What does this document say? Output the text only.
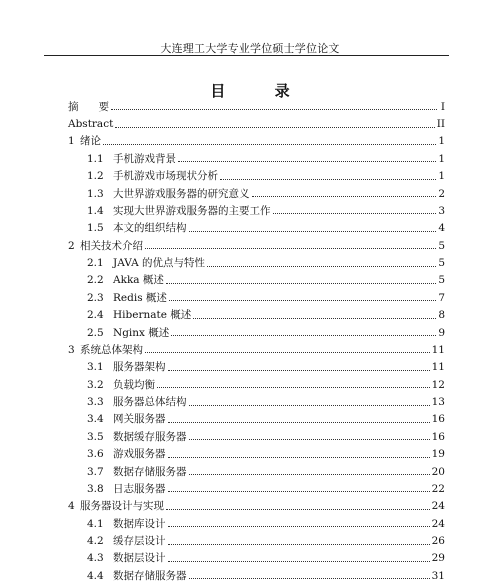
大连理工大学专业学位硕士学位论文
目 录
摘      要	I
Abstract	II
1 绪论	1
1.1 手机游戏背景	1
1.2 手机游戏市场现状分析	1
1.3 大世界游戏服务器的研究意义	2
1.4 实现大世界游戏服务器的主要工作	3
1.5 本文的组织结构	4
2 相关技术介绍	5
2.1 JAVA 的优点与特性	5
2.2 Akka 概述	5
2.3 Redis 概述	7
2.4 Hibernate 概述	8
2.5 Nginx 概述	9
3 系统总体架构	11
3.1 服务器架构	11
3.2 负载均衡	12
3.3 服务器总体结构	13
3.4 网关服务器	16
3.5 数据缓存服务器	16
3.6 游戏服务器	19
3.7 数据存储服务器	20
3.8 日志服务器	22
4 服务器设计与实现	24
4.1 数据库设计	24
4.2 缓存层设计	26
4.3 数据层设计	29
4.4 数据存储服务器	31
